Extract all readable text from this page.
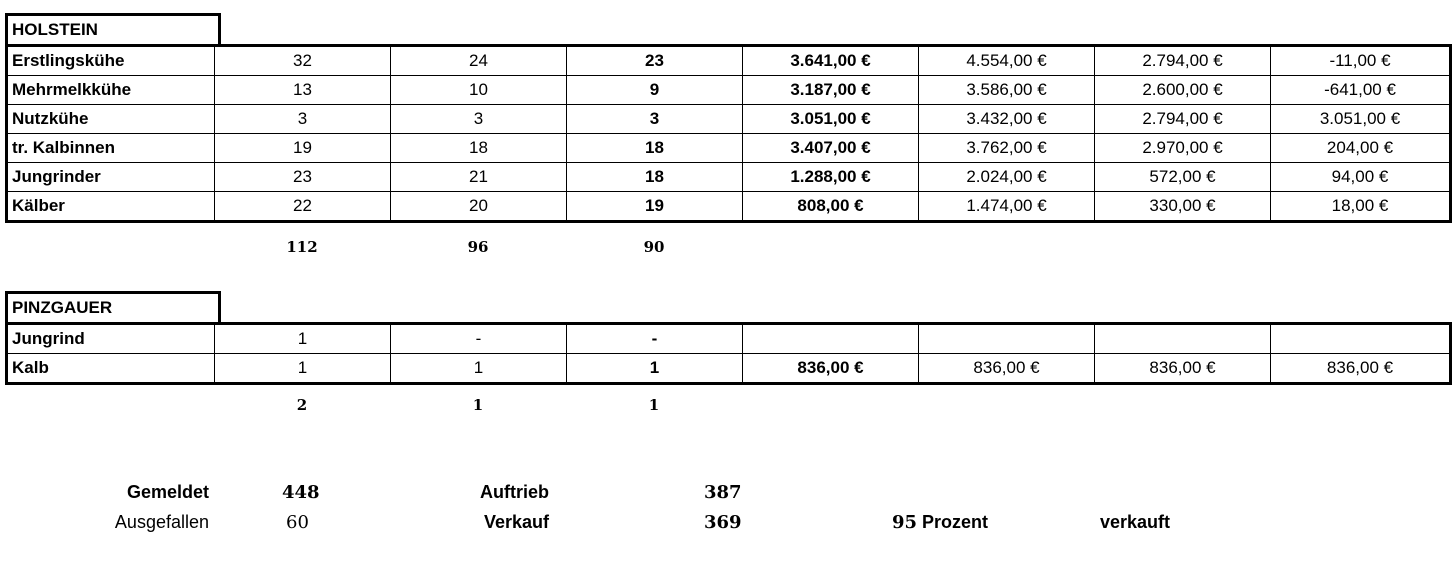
HOLSTEIN
Erstlingskühe	32	24	23	3.641,00 €	4.554,00 €	2.794,00 €	-11,00 €
Mehrmelkkühe	13	10	9	3.187,00 €	3.586,00 €	2.600,00 €	-641,00 €
Nutzkühe	3	3	3	3.051,00 €	3.432,00 €	2.794,00 €	3.051,00 €
tr. Kalbinnen	19	18	18	3.407,00 €	3.762,00 €	2.970,00 €	204,00 €
Jungrinder	23	21	18	1.288,00 €	2.024,00 €	572,00 €	94,00 €
Kälber	22	20	19	808,00 €	1.474,00 €	330,00 €	18,00 €
112	96	90
PINZGAUER
Jungrind	1	-	-				
Kalb	1	1	1	836,00 €	836,00 €	836,00 €	836,00 €
2	1	1
Gemeldet	448
Ausgefallen	60
Auftrieb	387
Verkauf	369	95 Prozent	verkauft
